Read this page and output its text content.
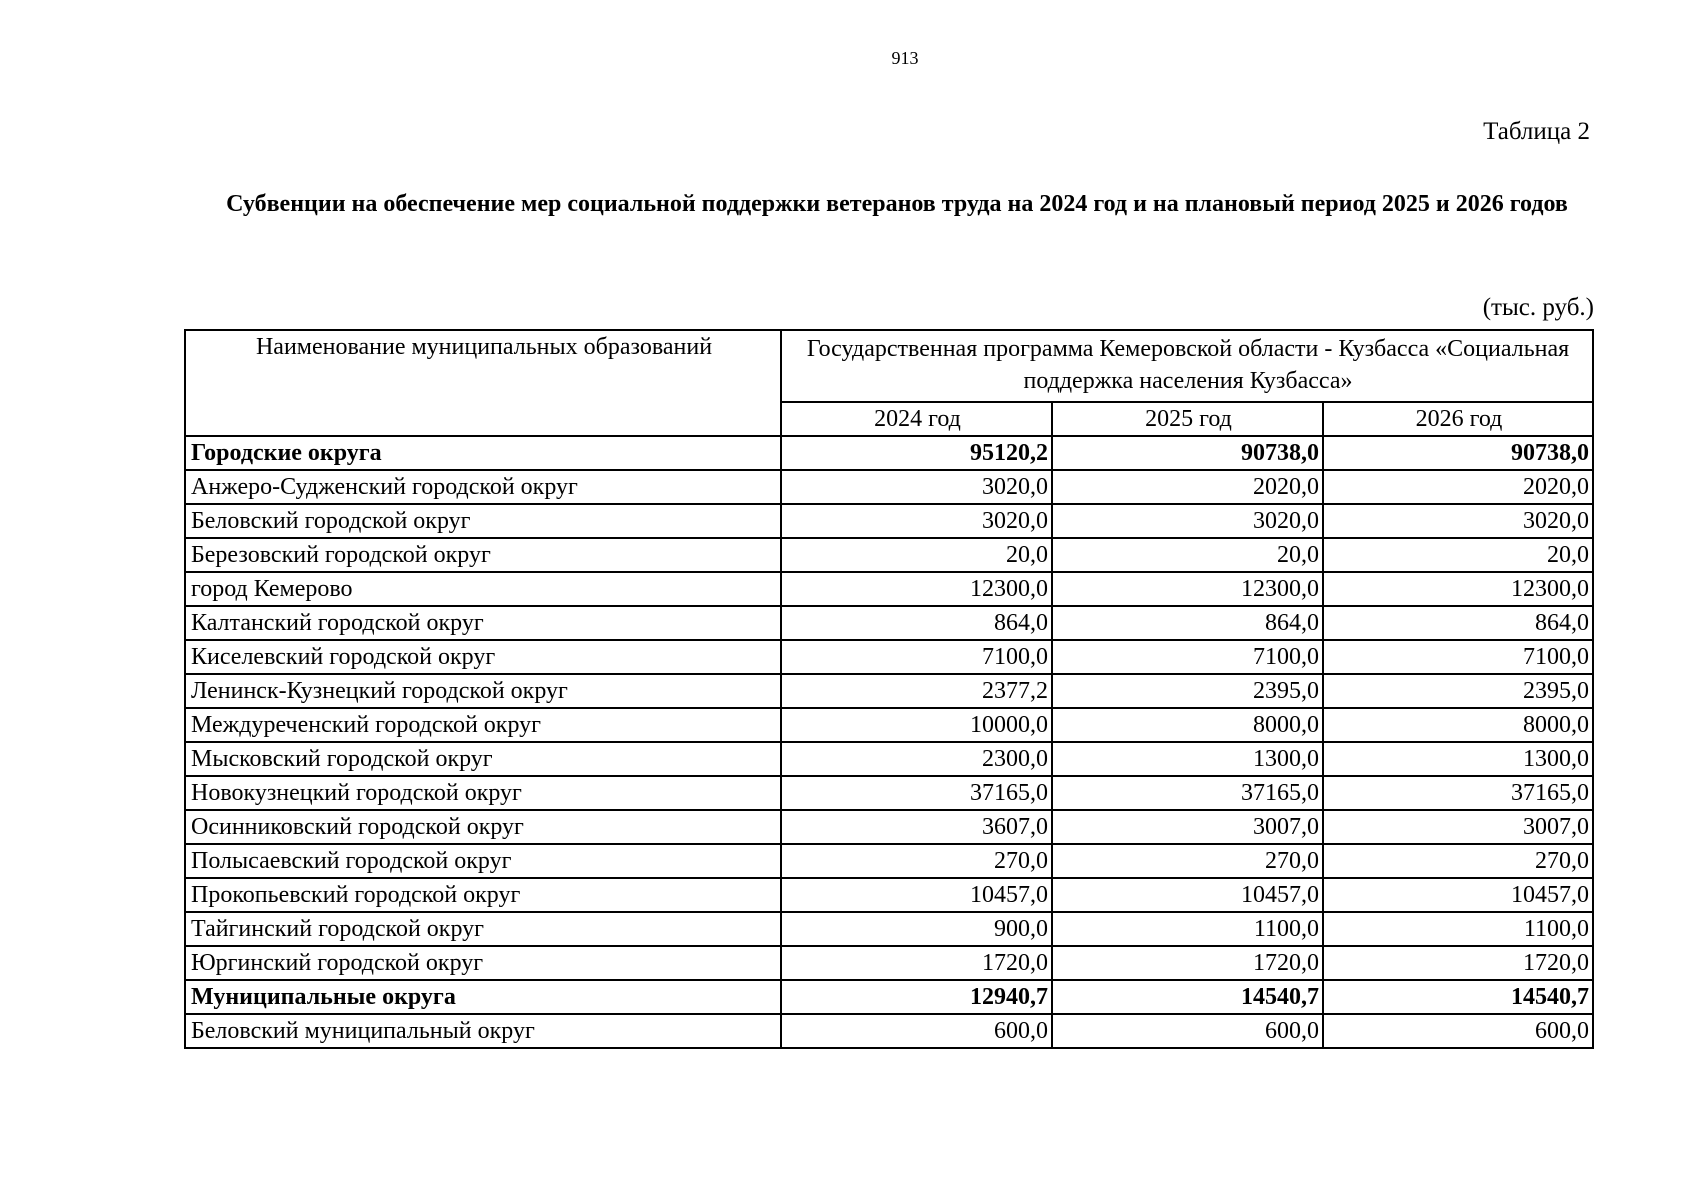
913
Таблица 2
Субвенции на обеспечение мер социальной поддержки ветеранов труда на 2024 год и на плановый период 2025 и 2026 годов
(тыс. руб.)
Наименование муниципальных образований	Государственная программа Кемеровской области - Кузбасса «Социальная поддержка населения Кузбасса»		
	2024 год	2025 год	2026 год
Городские округа	95120,2	90738,0	90738,0
Анжеро-Судженский городской округ	3020,0	2020,0	2020,0
Беловский городской округ	3020,0	3020,0	3020,0
Березовский городской округ	20,0	20,0	20,0
город Кемерово	12300,0	12300,0	12300,0
Калтанский городской округ	864,0	864,0	864,0
Киселевский городской округ	7100,0	7100,0	7100,0
Ленинск-Кузнецкий городской округ	2377,2	2395,0	2395,0
Междуреченский городской округ	10000,0	8000,0	8000,0
Мысковский городской округ	2300,0	1300,0	1300,0
Новокузнецкий городской округ	37165,0	37165,0	37165,0
Осинниковский городской округ	3607,0	3007,0	3007,0
Полысаевский городской округ	270,0	270,0	270,0
Прокопьевский городской округ	10457,0	10457,0	10457,0
Тайгинский городской округ	900,0	1100,0	1100,0
Юргинский городской округ	1720,0	1720,0	1720,0
Муниципальные округа	12940,7	14540,7	14540,7
Беловский муниципальный округ	600,0	600,0	600,0
